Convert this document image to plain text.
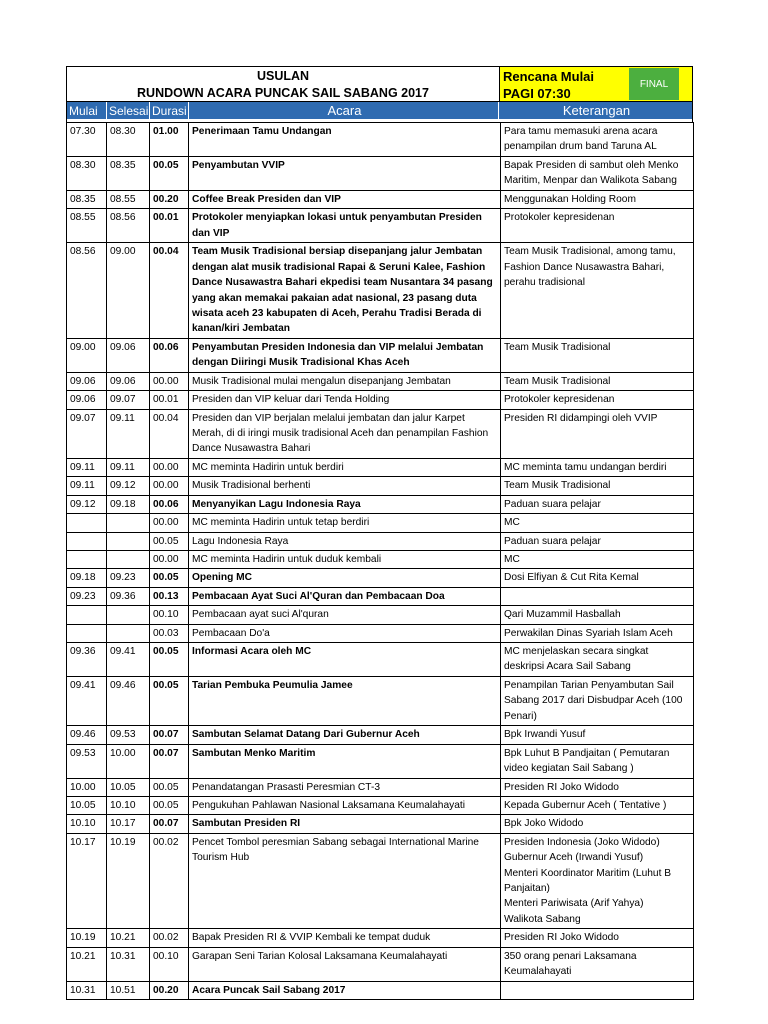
USULAN
RUNDOWN ACARA PUNCAK SAIL SABANG 2017
Rencana Mulai
PAGI 07:30
FINAL
Mulai Selesai Durasi	Acara	Keterangan
07.30	08.30	01.00	Penerimaan Tamu Undangan	Para tamu memasuki arena acara penampilan drum band Taruna AL
08.30	08.35	00.05	Penyambutan VVIP	Bapak Presiden di sambut oleh Menko Maritim, Menpar dan Walikota Sabang
08.35	08.55	00.20	Coffee Break Presiden dan VIP	Menggunakan Holding Room
08.55	08.56	00.01	Protokoler menyiapkan lokasi untuk penyambutan Presiden dan VIP	Protokoler kepresidenan
08.56	09.00	00.04	Team Musik Tradisional bersiap disepanjang jalur Jembatan dengan alat musik tradisional Rapai & Seruni Kalee, Fashion Dance Nusawastra Bahari ekpedisi team Nusantara 34 pasang yang akan memakai pakaian adat nasional, 23 pasang duta wisata aceh 23 kabupaten di Aceh, Perahu Tradisi Berada di kanan/kiri Jembatan	Team Musik Tradisional, among tamu, Fashion Dance Nusawastra Bahari, perahu tradisional
09.00	09.06	00.06	Penyambutan Presiden Indonesia dan VIP melalui Jembatan dengan Diiringi Musik Tradisional Khas Aceh	Team Musik Tradisional
09.06	09.06	00.00	Musik Tradisional mulai mengalun disepanjang Jembatan	Team Musik Tradisional
09.06	09.07	00.01	Presiden dan VIP keluar dari Tenda Holding	Protokoler kepresidenan
09.07	09.11	00.04	Presiden dan VIP berjalan melalui jembatan dan jalur Karpet Merah, di di iringi musik tradisional Aceh dan penampilan Fashion Dance Nusawastra Bahari	Presiden RI didampingi oleh VVIP
09.11	09.11	00.00	MC meminta Hadirin untuk berdiri	MC meminta tamu undangan berdiri
09.11	09.12	00.00	Musik Tradisional berhenti	Team Musik Tradisional
09.12	09.18	00.06	Menyanyikan Lagu Indonesia Raya	Paduan suara pelajar
		00.00	MC meminta Hadirin untuk tetap berdiri	MC
		00.05	Lagu Indonesia Raya	Paduan suara pelajar
		00.00	MC meminta Hadirin untuk duduk kembali	MC
09.18	09.23	00.05	Opening MC	Dosi Elfiyan & Cut Rita Kemal
09.23	09.36	00.13	Pembacaan Ayat Suci Al'Quran dan Pembacaan Doa	
		00.10	Pembacaan ayat suci Al'quran	Qari Muzammil Hasballah
		00.03	Pembacaan Do'a	Perwakilan Dinas Syariah Islam Aceh
09.36	09.41	00.05	Informasi Acara oleh MC	MC menjelaskan secara singkat deskripsi Acara Sail Sabang
09.41	09.46	00.05	Tarian Pembuka Peumulia Jamee	Penampilan Tarian Penyambutan Sail Sabang 2017 dari Disbudpar Aceh (100 Penari)
09.46	09.53	00.07	Sambutan Selamat Datang Dari Gubernur Aceh	Bpk Irwandi Yusuf
09.53	10.00	00.07	Sambutan Menko Maritim	Bpk Luhut B Pandjaitan ( Pemutaran video kegiatan Sail Sabang )
10.00	10.05	00.05	Penandatangan Prasasti Peresmian CT-3	Presiden RI Joko Widodo
10.05	10.10	00.05	Pengukuhan Pahlawan Nasional Laksamana Keumalahayati	Kepada Gubernur Aceh ( Tentative )
10.10	10.17	00.07	Sambutan Presiden RI	Bpk Joko Widodo
10.17	10.19	00.02	Pencet Tombol peresmian Sabang sebagai International Marine Tourism Hub	Presiden Indonesia (Joko Widodo)
Gubernur Aceh (Irwandi Yusuf)
Menteri Koordinator Maritim (Luhut B Panjaitan)
Menteri Pariwisata (Arif Yahya)
Walikota Sabang
10.19	10.21	00.02	Bapak Presiden RI & VVIP Kembali ke tempat duduk	Presiden RI Joko Widodo
10.21	10.31	00.10	Garapan Seni Tarian Kolosal Laksamana Keumalahayati	350 orang penari Laksamana Keumalahayati
10.31	10.51	00.20	Acara Puncak Sail Sabang 2017	
